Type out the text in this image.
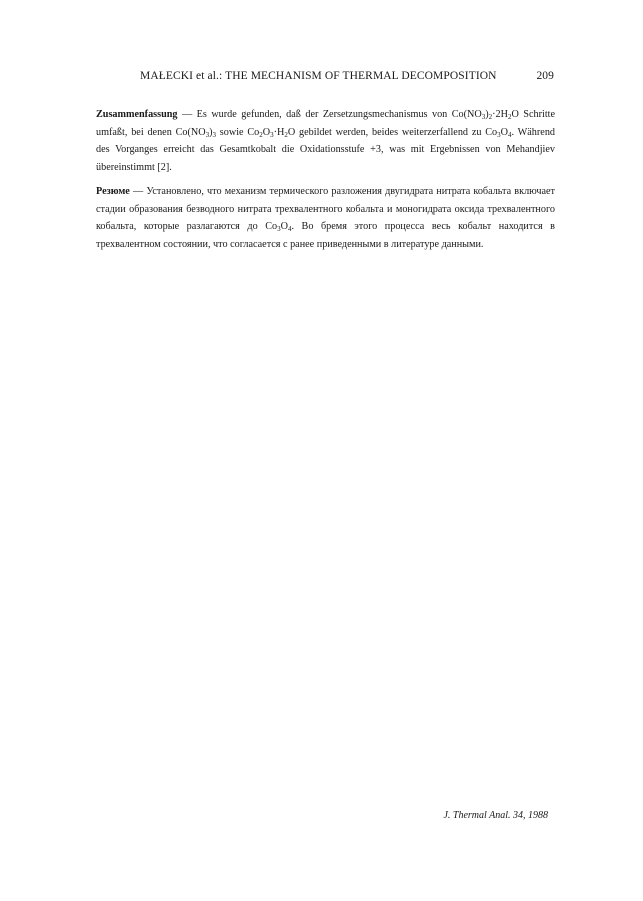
MAŁECKI et al.: THE MECHANISM OF THERMAL DECOMPOSITION	209
Zusammenfassung — Es wurde gefunden, daß der Zersetzungsmechanismus von $Co(NO_3)_2\cdot 2H_2O$ Schritte umfaßt, bei denen $Co(NO_3)_3$ sowie $Co_2O_3\cdot H_2O$ gebildet werden, beides weiterzerfallend zu $Co_3O_4$. Während des Vorganges erreicht das Gesamtkobalt die Oxidationsstufe +3, was mit Ergebnissen von Mehandjiev übereinstimmt [2].
Резюме — Установлено, что механизм термического разложения двугидрата нитрата кобальта включает стадии образования безводного нитрата трехвалентного кобальта и моногидрата оксида трехвалентного кобальта, которые разлагаются до $Co_3O_4$. Во бремя этого процесса весь кобальт находится в трехвалентном состоянии, что согласается с ранее приведенными в литературе данными.
J. Thermal Anal. 34, 1988
